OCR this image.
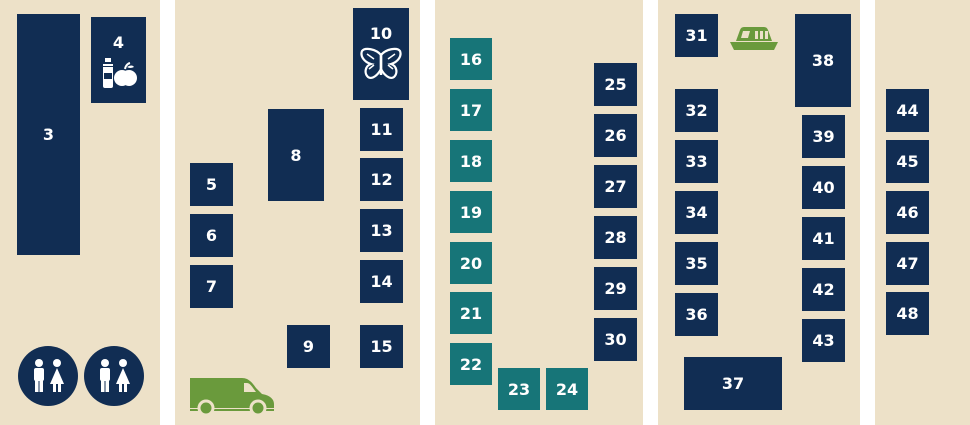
3
4
5
6
7
8
9
10
11
12
13
14
15
16
17
18
19
20
21
22
23 24
25
26
27
28
29
30
31
38
32
33
34
35
36
37
39
40
41
42
43
44
45
46
47
48
